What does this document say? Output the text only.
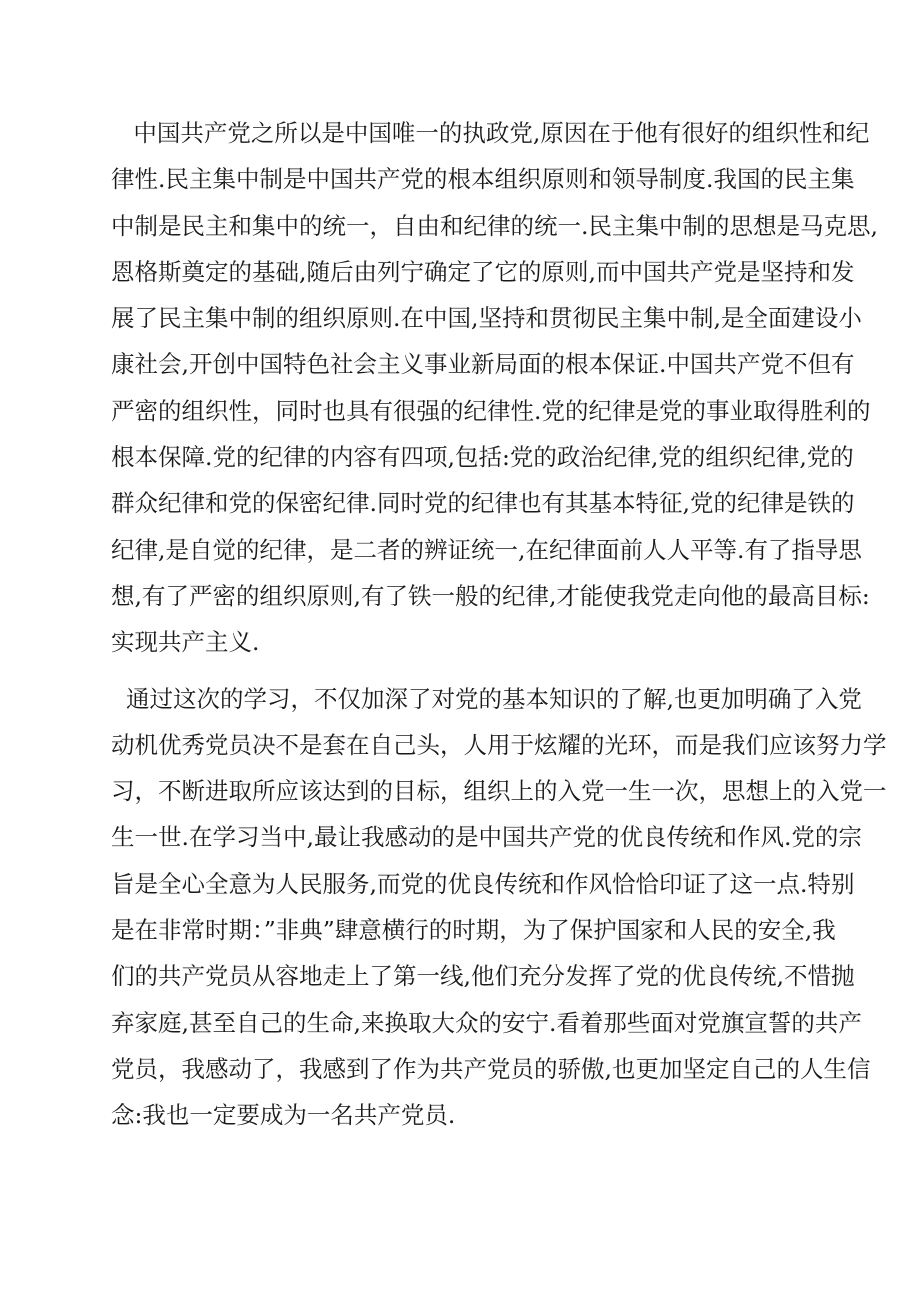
中国共产党之所以是中国唯一的执政党,原因在于他有很好的组织性和纪
律性.民主集中制是中国共产党的根本组织原则和领导制度.我国的民主集
中制是民主和集中的统一，自由和纪律的统一.民主集中制的思想是马克思,
恩格斯奠定的基础,随后由列宁确定了它的原则,而中国共产党是坚持和发
展了民主集中制的组织原则.在中国,坚持和贯彻民主集中制,是全面建设小
康社会,开创中国特色社会主义事业新局面的根本保证.中国共产党不但有
严密的组织性，同时也具有很强的纪律性.党的纪律是党的事业取得胜利的
根本保障.党的纪律的内容有四项,包括:党的政治纪律,党的组织纪律,党的
群众纪律和党的保密纪律.同时党的纪律也有其基本特征,党的纪律是铁的
纪律,是自觉的纪律，是二者的辨证统一,在纪律面前人人平等.有了指导思
想,有了严密的组织原则,有了铁一般的纪律,才能使我党走向他的最高目标:
实现共产主义.
通过这次的学习，不仅加深了对党的基本知识的了解,也更加明确了入党
动机优秀党员决不是套在自己头，人用于炫耀的光环，而是我们应该努力学
习，不断进取所应该达到的目标，组织上的入党一生一次，思想上的入党一
生一世.在学习当中,最让我感动的是中国共产党的优良传统和作风.党的宗
旨是全心全意为人民服务,而党的优良传统和作风恰恰印证了这一点.特别
是在非常时期：”非典”肆意横行的时期，为了保护国家和人民的安全,我
们的共产党员从容地走上了第一线,他们充分发挥了党的优良传统,不惜抛
弃家庭,甚至自己的生命,来换取大众的安宁.看着那些面对党旗宣誓的共产
党员，我感动了，我感到了作为共产党员的骄傲,也更加坚定自己的人生信
念:我也一定要成为一名共产党员.
